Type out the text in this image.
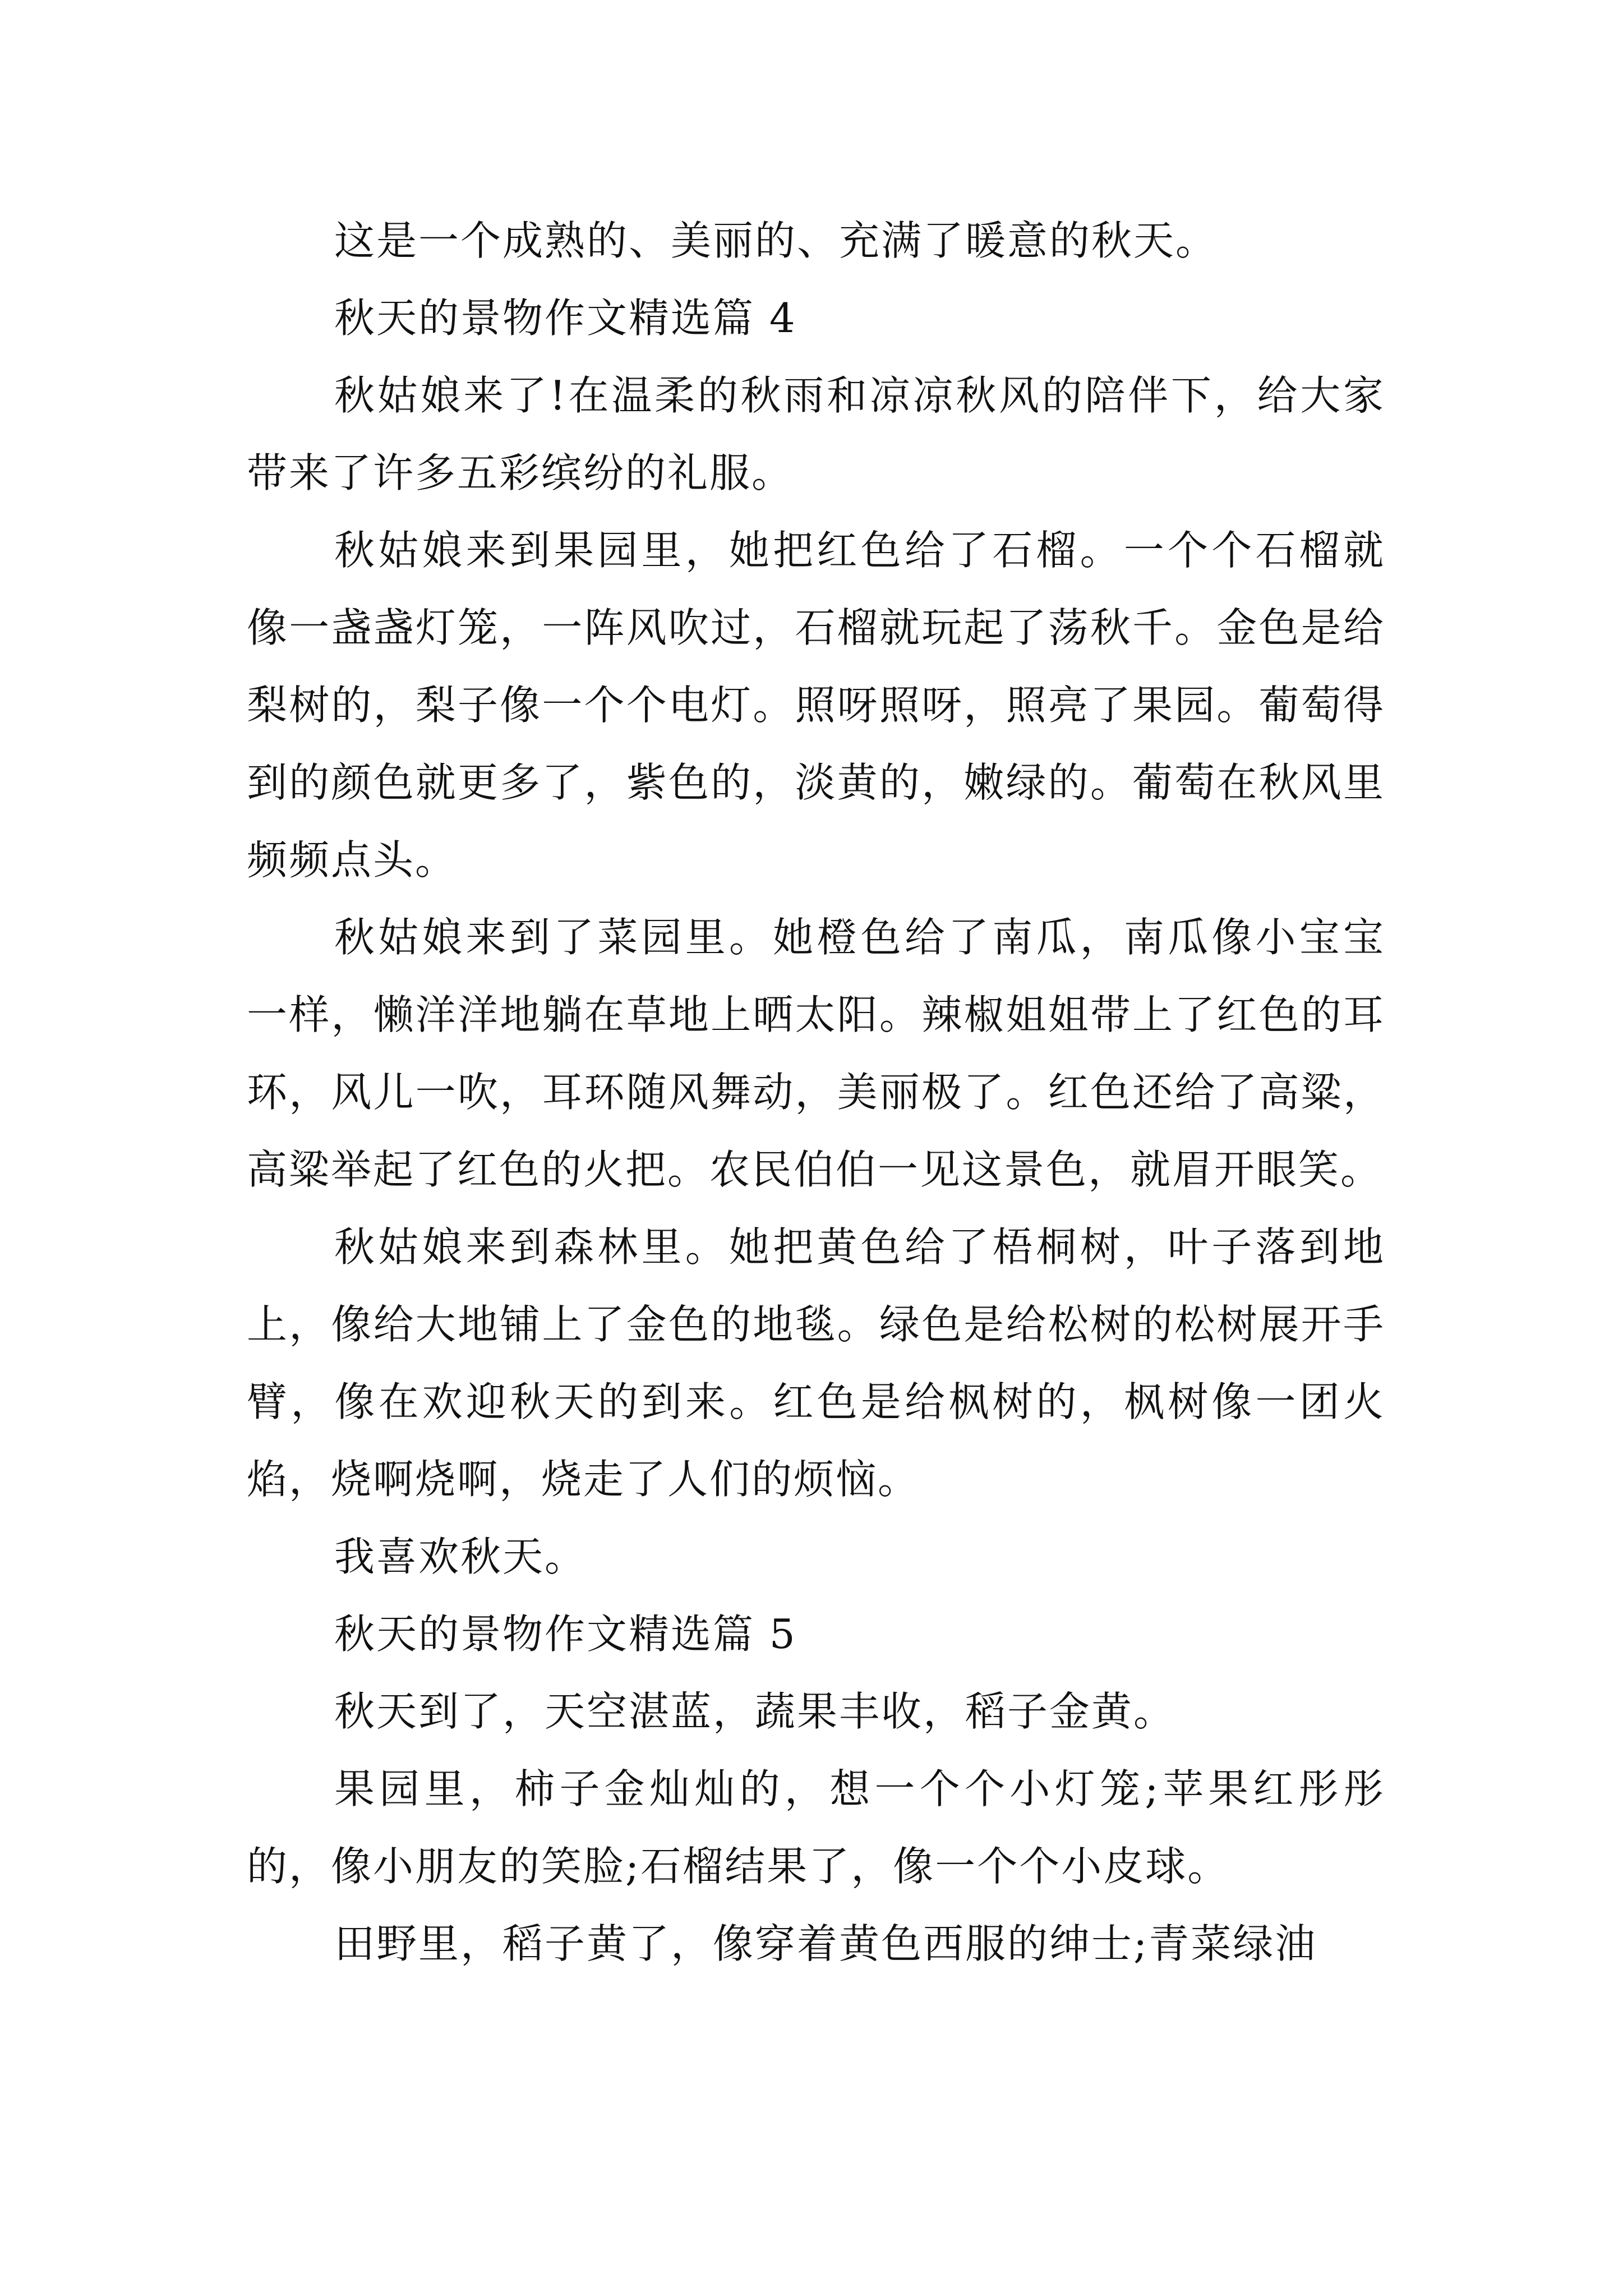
这是一个成熟的、美丽的、充满了暖意的秋天。

秋天的景物作文精选篇 4

秋姑娘来了!在温柔的秋雨和凉凉秋风的陪伴下，给大家带来了许多五彩缤纷的礼服。

秋姑娘来到果园里，她把红色给了石榴。一个个石榴就像一盏盏灯笼，一阵风吹过，石榴就玩起了荡秋千。金色是给梨树的，梨子像一个个电灯。照呀照呀，照亮了果园。葡萄得到的颜色就更多了，紫色的，淡黄的，嫩绿的。葡萄在秋风里频频点头。

秋姑娘来到了菜园里。她橙色给了南瓜，南瓜像小宝宝一样，懒洋洋地躺在草地上晒太阳。辣椒姐姐带上了红色的耳环，风儿一吹，耳环随风舞动，美丽极了。红色还给了高粱，高粱举起了红色的火把。农民伯伯一见这景色，就眉开眼笑。

秋姑娘来到森林里。她把黄色给了梧桐树，叶子落到地上，像给大地铺上了金色的地毯。绿色是给松树的松树展开手臂，像在欢迎秋天的到来。红色是给枫树的，枫树像一团火焰，烧啊烧啊，烧走了人们的烦恼。

我喜欢秋天。

秋天的景物作文精选篇 5

秋天到了，天空湛蓝，蔬果丰收，稻子金黄。

果园里，柿子金灿灿的，想一个个小灯笼;苹果红彤彤的，像小朋友的笑脸;石榴结果了，像一个个小皮球。

田野里，稻子黄了，像穿着黄色西服的绅士;青菜绿油
